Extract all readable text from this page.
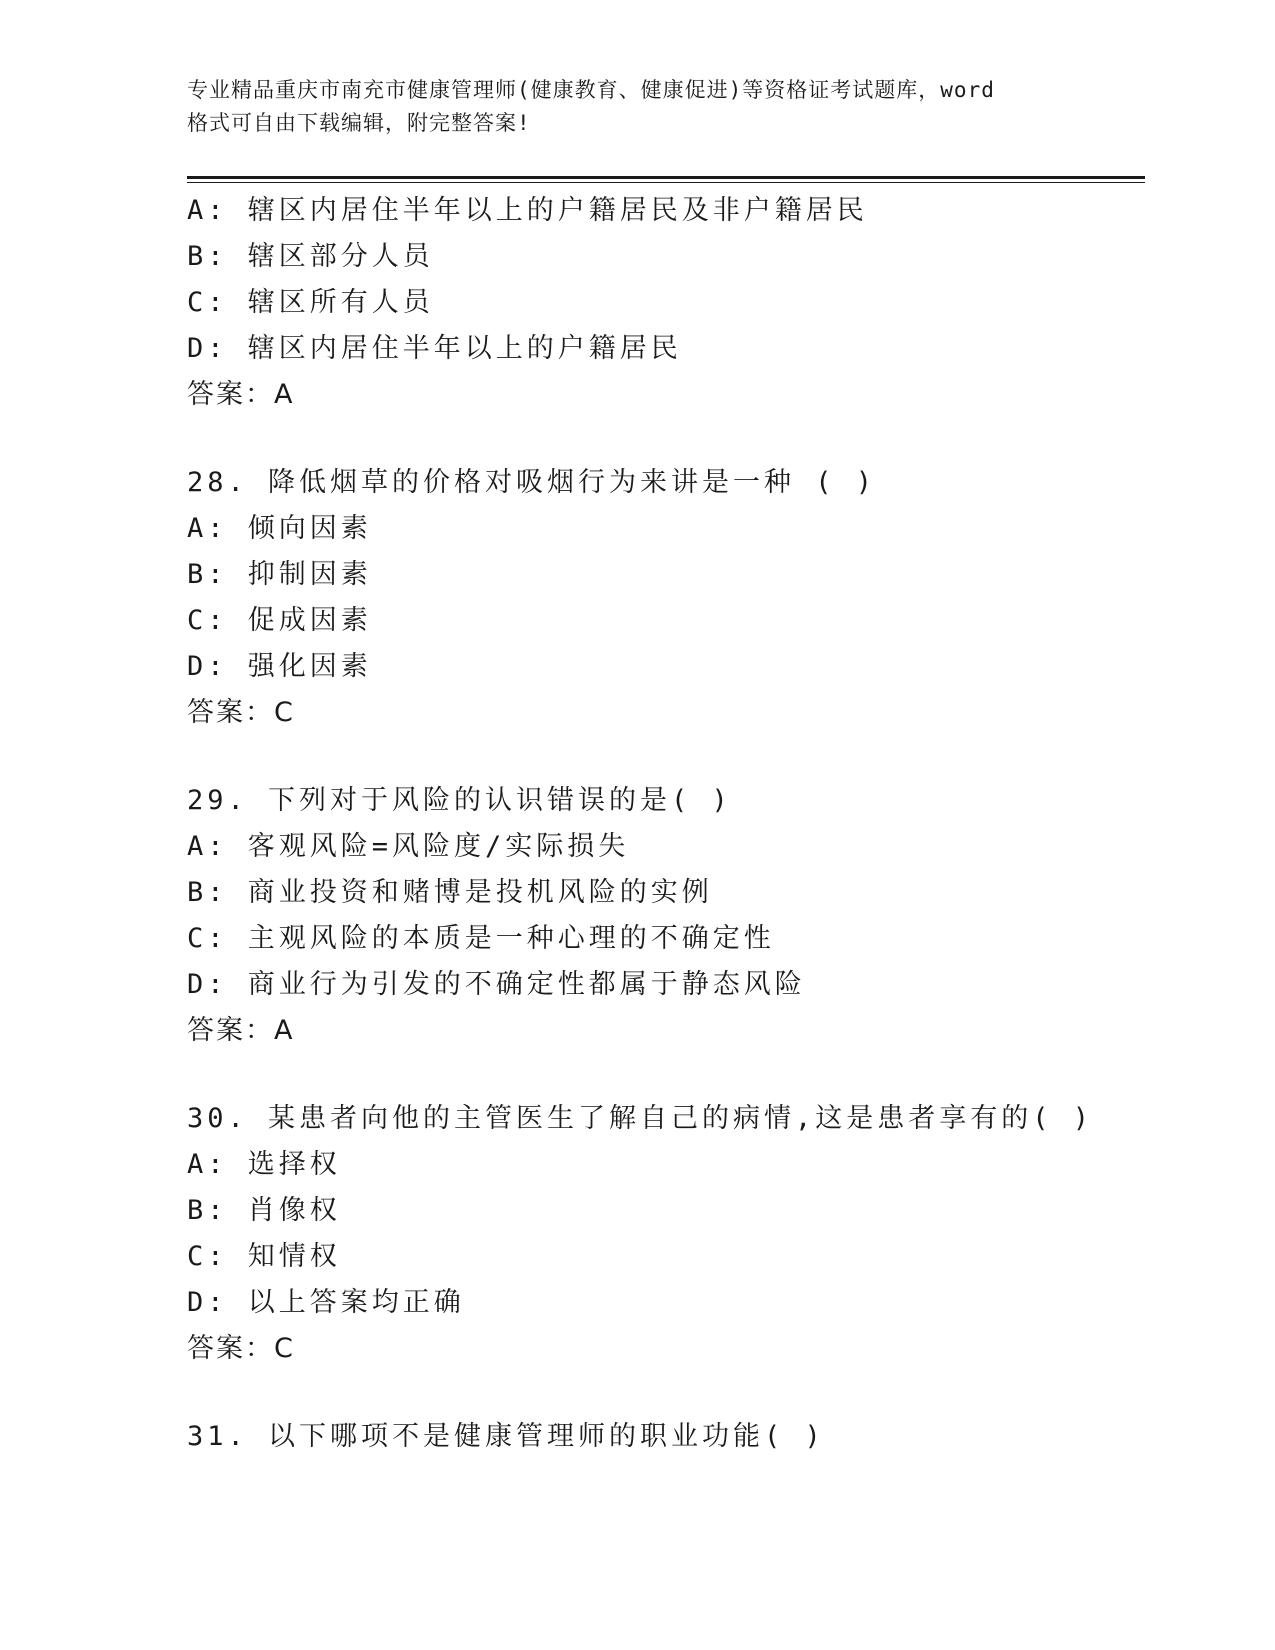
专业精品重庆市南充市健康管理师(健康教育、健康促进)等资格证考试题库，word
格式可自由下载编辑，附完整答案!
A: 辖区内居住半年以上的户籍居民及非户籍居民
B: 辖区部分人员
C: 辖区所有人员
D: 辖区内居住半年以上的户籍居民
答案：A
28. 降低烟草的价格对吸烟行为来讲是一种 ( )
A: 倾向因素
B: 抑制因素
C: 促成因素
D: 强化因素
答案：C
29. 下列对于风险的认识错误的是( )
A: 客观风险=风险度/实际损失
B: 商业投资和赌博是投机风险的实例
C: 主观风险的本质是一种心理的不确定性
D: 商业行为引发的不确定性都属于静态风险
答案：A
30. 某患者向他的主管医生了解自己的病情,这是患者享有的( )
A: 选择权
B: 肖像权
C: 知情权
D: 以上答案均正确
答案：C
31. 以下哪项不是健康管理师的职业功能( )
